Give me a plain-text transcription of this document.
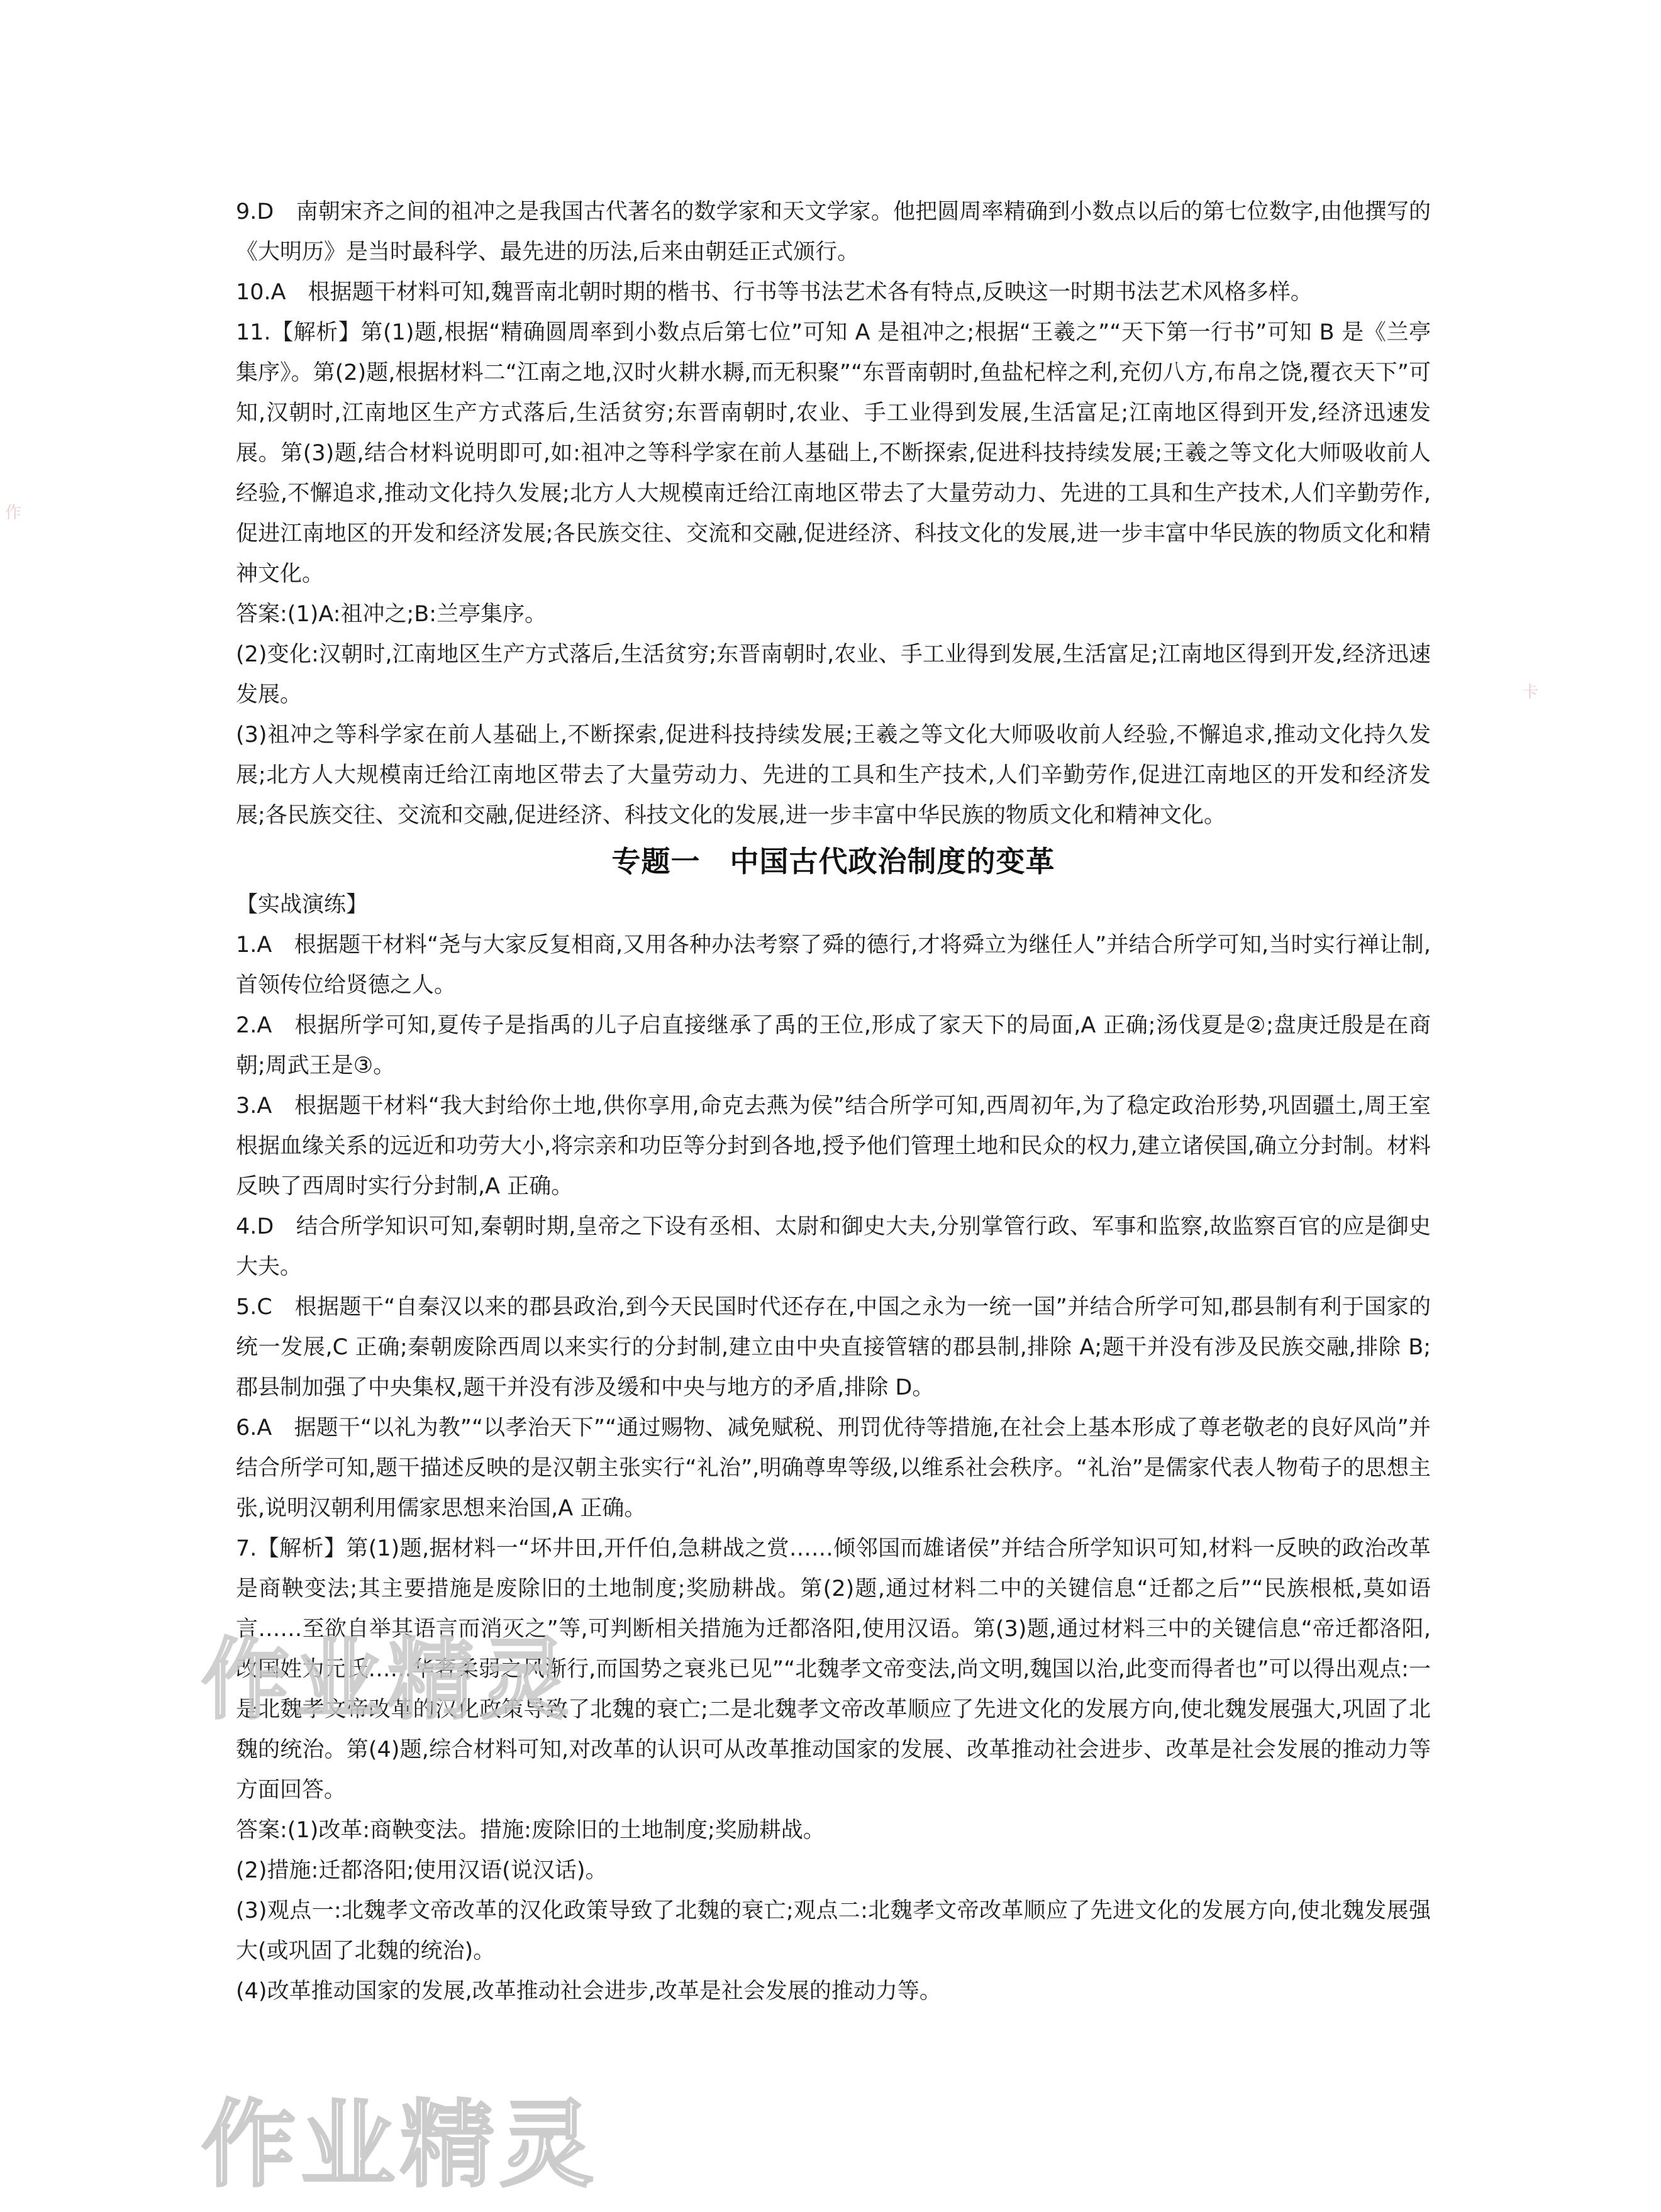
作
卡

9.D　南朝宋齐之间的祖冲之是我国古代著名的数学家和天文学家。他把圆周率精确到小数点以后的第七位数字,由他撰写的《大明历》是当时最科学、最先进的历法,后来由朝廷正式颁行。

10.A　根据题干材料可知,魏晋南北朝时期的楷书、行书等书法艺术各有特点,反映这一时期书法艺术风格多样。

11.【解析】第(1)题,根据“精确圆周率到小数点后第七位”可知 A 是祖冲之;根据“王羲之”“天下第一行书”可知 B 是《兰亭集序》。第(2)题,根据材料二“江南之地,汉时火耕水耨,而无积聚”“东晋南朝时,鱼盐杞梓之利,充仞八方,布帛之饶,覆衣天下”可知,汉朝时,江南地区生产方式落后,生活贫穷;东晋南朝时,农业、手工业得到发展,生活富足;江南地区得到开发,经济迅速发展。第(3)题,结合材料说明即可,如:祖冲之等科学家在前人基础上,不断探索,促进科技持续发展;王羲之等文化大师吸收前人经验,不懈追求,推动文化持久发展;北方人大规模南迁给江南地区带去了大量劳动力、先进的工具和生产技术,人们辛勤劳作,促进江南地区的开发和经济发展;各民族交往、交流和交融,促进经济、科技文化的发展,进一步丰富中华民族的物质文化和精神文化。

答案:(1)A:祖冲之;B:兰亭集序。

(2)变化:汉朝时,江南地区生产方式落后,生活贫穷;东晋南朝时,农业、手工业得到发展,生活富足;江南地区得到开发,经济迅速发展。

(3)祖冲之等科学家在前人基础上,不断探索,促进科技持续发展;王羲之等文化大师吸收前人经验,不懈追求,推动文化持久发展;北方人大规模南迁给江南地区带去了大量劳动力、先进的工具和生产技术,人们辛勤劳作,促进江南地区的开发和经济发展;各民族交往、交流和交融,促进经济、科技文化的发展,进一步丰富中华民族的物质文化和精神文化。

专题一　中国古代政治制度的变革

【实战演练】

1.A　根据题干材料“尧与大家反复相商,又用各种办法考察了舜的德行,才将舜立为继任人”并结合所学可知,当时实行禅让制,首领传位给贤德之人。

2.A　根据所学可知,夏传子是指禹的儿子启直接继承了禹的王位,形成了家天下的局面,A 正确;汤伐夏是②;盘庚迁殷是在商朝;周武王是③。

3.A　根据题干材料“我大封给你土地,供你享用,命克去燕为侯”结合所学可知,西周初年,为了稳定政治形势,巩固疆土,周王室根据血缘关系的远近和功劳大小,将宗亲和功臣等分封到各地,授予他们管理土地和民众的权力,建立诸侯国,确立分封制。材料反映了西周时实行分封制,A 正确。

4.D　结合所学知识可知,秦朝时期,皇帝之下设有丞相、太尉和御史大夫,分别掌管行政、军事和监察,故监察百官的应是御史大夫。

5.C　根据题干“自秦汉以来的郡县政治,到今天民国时代还存在,中国之永为一统一国”并结合所学可知,郡县制有利于国家的统一发展,C 正确;秦朝废除西周以来实行的分封制,建立由中央直接管辖的郡县制,排除 A;题干并没有涉及民族交融,排除 B;郡县制加强了中央集权,题干并没有涉及缓和中央与地方的矛盾,排除 D。

6.A　据题干“以礼为教”“以孝治天下”“通过赐物、减免赋税、刑罚优待等措施,在社会上基本形成了尊老敬老的良好风尚”并结合所学可知,题干描述反映的是汉朝主张实行“礼治”,明确尊卑等级,以维系社会秩序。“礼治”是儒家代表人物荀子的思想主张,说明汉朝利用儒家思想来治国,A 正确。

7.【解析】第(1)题,据材料一“坏井田,开仟伯,急耕战之赏……倾邻国而雄诸侯”并结合所学知识可知,材料一反映的政治改革是商鞅变法;其主要措施是废除旧的土地制度;奖励耕战。第(2)题,通过材料二中的关键信息“迁都之后”“民族根柢,莫如语言……至欲自举其语言而消灭之”等,可判断相关措施为迁都洛阳,使用汉语。第(3)题,通过材料三中的关键信息“帝迁都洛阳,改国姓为元氏……华奢柔弱之风渐行,而国势之衰兆已见”“北魏孝文帝变法,尚文明,魏国以治,此变而得者也”可以得出观点:一是北魏孝文帝改革的汉化政策导致了北魏的衰亡;二是北魏孝文帝改革顺应了先进文化的发展方向,使北魏发展强大,巩固了北魏的统治。第(4)题,综合材料可知,对改革的认识可从改革推动国家的发展、改革推动社会进步、改革是社会发展的推动力等方面回答。

答案:(1)改革:商鞅变法。措施:废除旧的土地制度;奖励耕战。

(2)措施:迁都洛阳;使用汉语(说汉话)。

(3)观点一:北魏孝文帝改革的汉化政策导致了北魏的衰亡;观点二:北魏孝文帝改革顺应了先进文化的发展方向,使北魏发展强大(或巩固了北魏的统治)。

(4)改革推动国家的发展,改革推动社会进步,改革是社会发展的推动力等。

作业精灵
作业精灵
